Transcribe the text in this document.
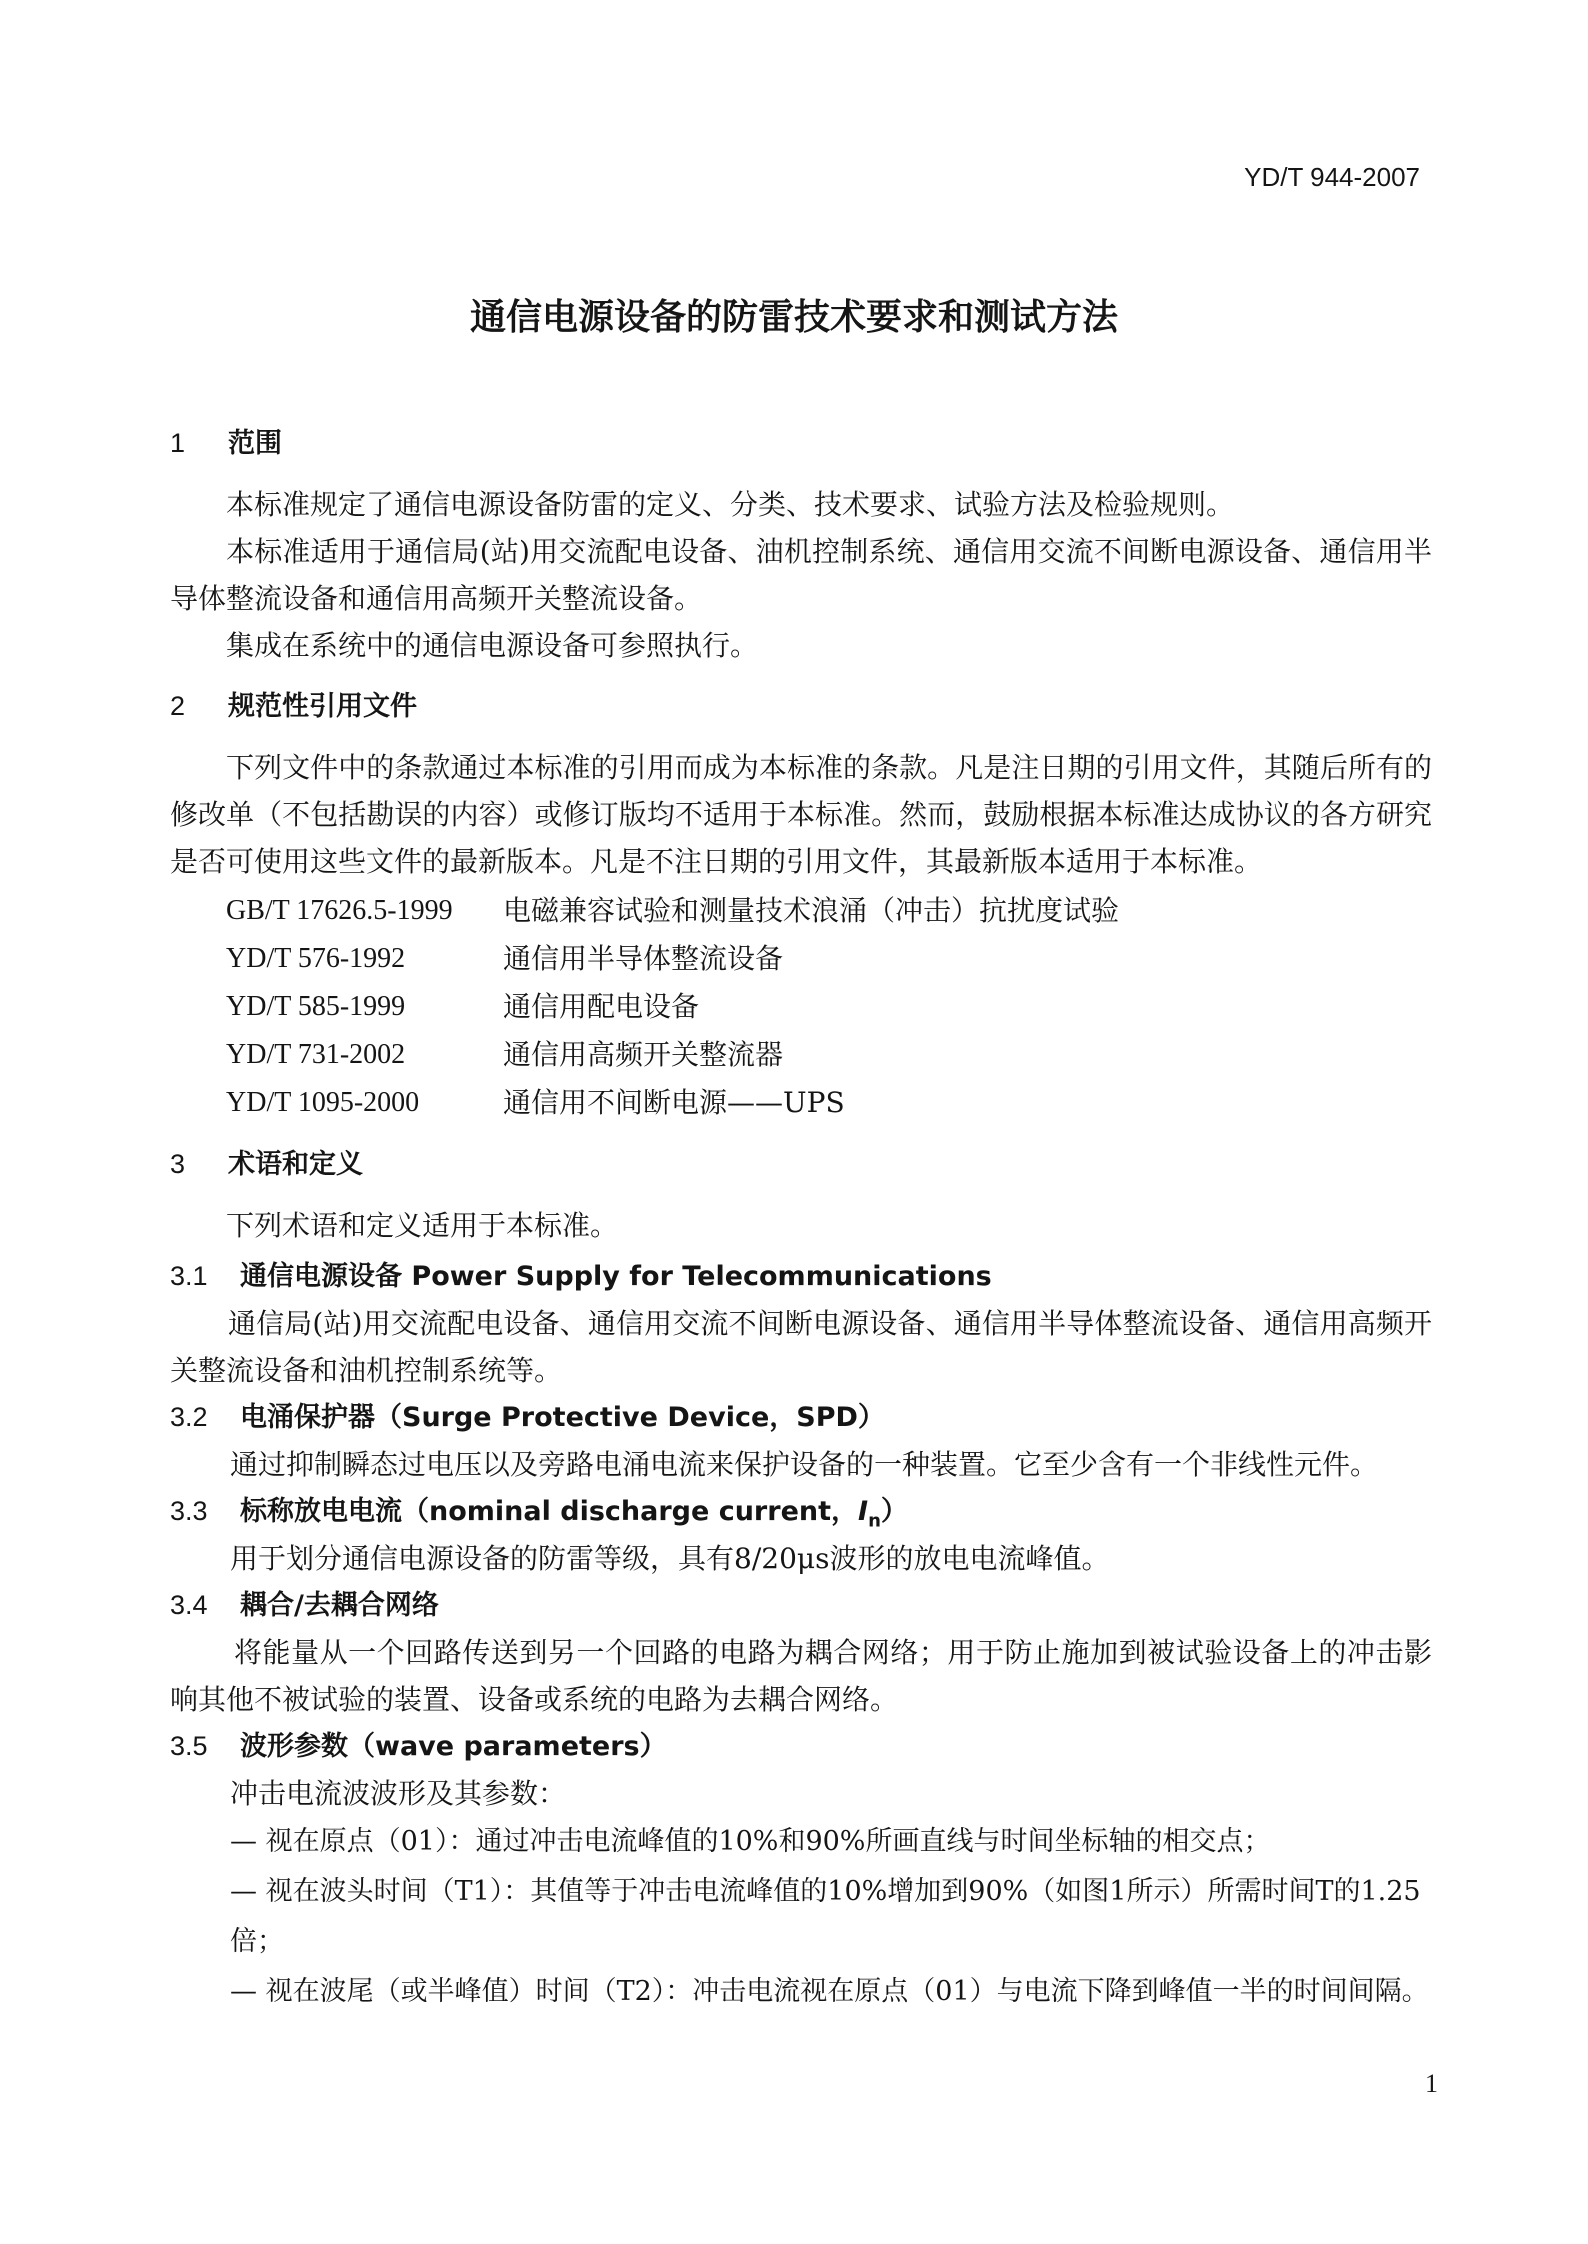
YD/T 944-2007
通信电源设备的防雷技术要求和测试方法
1 范围

本标准规定了通信电源设备防雷的定义、分类、技术要求、试验方法及检验规则。

本标准适用于通信局(站)用交流配电设备、油机控制系统、通信用交流不间断电源设备、通信用半导体整流设备和通信用高频开关整流设备。

集成在系统中的通信电源设备可参照执行。

2 规范性引用文件

下列文件中的条款通过本标准的引用而成为本标准的条款。凡是注日期的引用文件，其随后所有的修改单（不包括勘误的内容）或修订版均不适用于本标准。然而，鼓励根据本标准达成协议的各方研究是否可使用这些文件的最新版本。凡是不注日期的引用文件，其最新版本适用于本标准。

GB/T 17626.5-1999	电磁兼容试验和测量技术浪涌（冲击）抗扰度试验
YD/T 576-1992	通信用半导体整流设备
YD/T 585-1999	通信用配电设备
YD/T 731-2002	通信用高频开关整流器
YD/T 1095-2000	通信用不间断电源——UPS
3 术语和定义

下列术语和定义适用于本标准。

3.1 通信电源设备 Power Supply for Telecommunications

通信局(站)用交流配电设备、通信用交流不间断电源设备、通信用半导体整流设备、通信用高频开关整流设备和油机控制系统等。

3.2 电涌保护器（Surge Protective Device，SPD）

通过抑制瞬态过电压以及旁路电涌电流来保护设备的一种装置。它至少含有一个非线性元件。

3.3 标称放电电流（nominal discharge current，$I_n$）

用于划分通信电源设备的防雷等级，具有8/20μs波形的放电电流峰值。

3.4 耦合/去耦合网络

将能量从一个回路传送到另一个回路的电路为耦合网络；用于防止施加到被试验设备上的冲击影响其他不被试验的装置、设备或系统的电路为去耦合网络。

3.5 波形参数（wave parameters）

冲击电流波波形及其参数：

— 视在原点（01）：通过冲击电流峰值的10%和90%所画直线与时间坐标轴的相交点；

— 视在波头时间（T1）：其值等于冲击电流峰值的10%增加到90%（如图1所示）所需时间T的1.25倍；

— 视在波尾（或半峰值）时间（T2）：冲击电流视在原点（01）与电流下降到峰值一半的时间间隔。

1
